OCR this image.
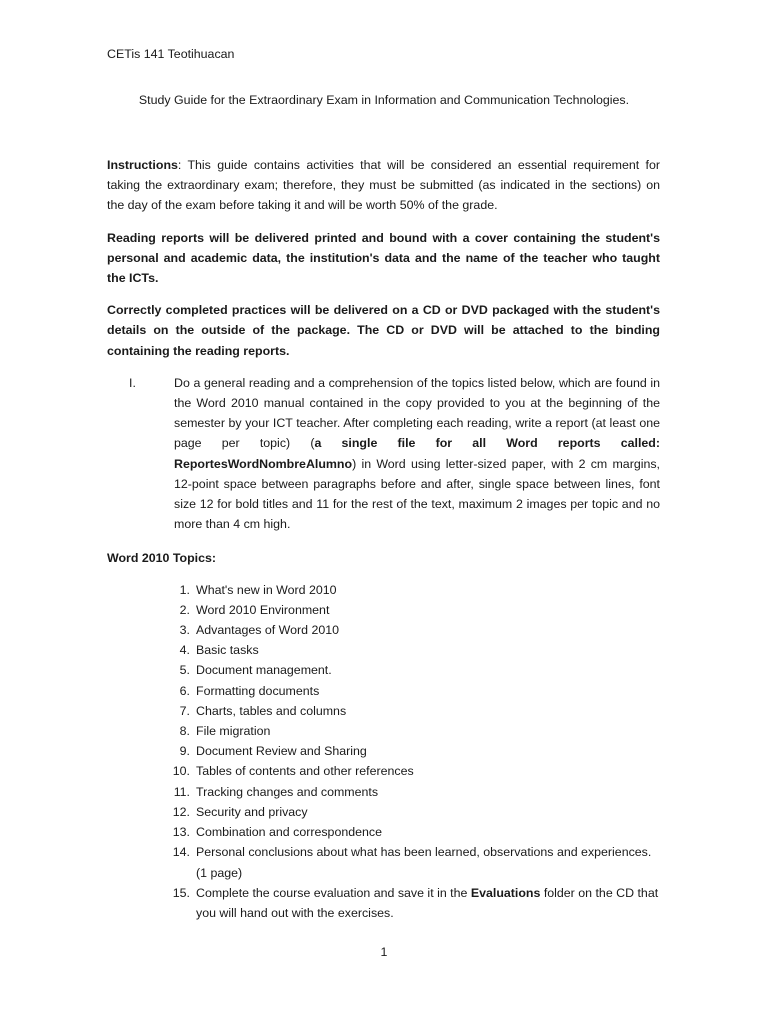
CETis 141 Teotihuacan
Study Guide for the Extraordinary Exam in Information and Communication Technologies.

Instructions: This guide contains activities that will be considered an essential requirement for taking the extraordinary exam; therefore, they must be submitted (as indicated in the sections) on the day of the exam before taking it and will be worth 50% of the grade.

Reading reports will be delivered printed and bound with a cover containing the student's personal and academic data, the institution's data and the name of the teacher who taught the ICTs.

Correctly completed practices will be delivered on a CD or DVD packaged with the student's details on the outside of the package. The CD or DVD will be attached to the binding containing the reading reports.

I.	Do a general reading and a comprehension of the topics listed below, which are found in the Word 2010 manual contained in the copy provided to you at the beginning of the semester by your ICT teacher. After completing each reading, write a report (at least one page per topic) (a single file for all Word reports called: ReportesWordNombreAlumno) in Word using letter-sized paper, with 2 cm margins, 12-point space between paragraphs before and after, single space between lines, font size 12 for bold titles and 11 for the rest of the text, maximum 2 images per topic and no more than 4 cm high.
Word 2010 Topics:
1. What's new in Word 2010
2. Word 2010 Environment
3. Advantages of Word 2010
4. Basic tasks
5. Document management.
6. Formatting documents
7. Charts, tables and columns
8. File migration
9. Document Review and Sharing
10. Tables of contents and other references
11. Tracking changes and comments
12. Security and privacy
13. Combination and correspondence
14. Personal conclusions about what has been learned, observations and experiences. (1 page)
15. Complete the course evaluation and save it in the Evaluations folder on the CD that you will hand out with the exercises.
1
